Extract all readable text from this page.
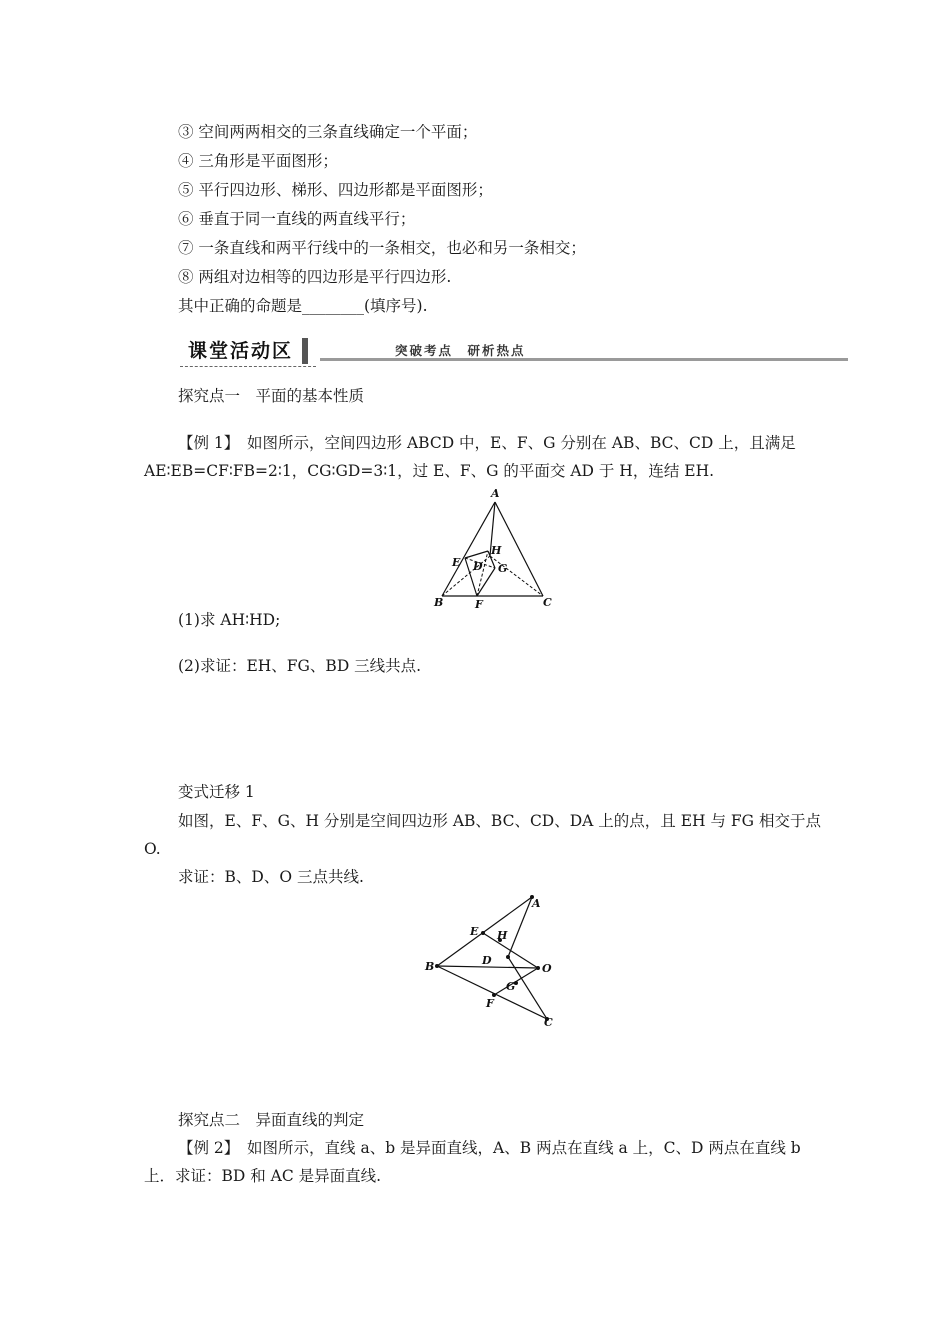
③ 空间两两相交的三条直线确定一个平面；
④ 三角形是平面图形；
⑤ 平行四边形、梯形、四边形都是平面图形；
⑥ 垂直于同一直线的两直线平行；
⑦ 一条直线和两平行线中的一条相交，也必和另一条相交；
⑧ 两组对边相等的四边形是平行四边形.
其中正确的命题是________(填序号).
课堂活动区	突破考点　研析热点
探究点一　平面的基本性质
【例 1】　如图所示，空间四边形 ABCD 中，E、F、G 分别在 AB、BC、CD 上，且满足
AE∶EB=CF∶FB=2∶1，CG∶GD=3∶1，过 E、F、G 的平面交 AD 于 H，连结 EH.
A
B	C
D
E
F
G
H
(1)求 AH∶HD;
(2)求证：EH、FG、BD 三线共点.
变式迁移 1
如图，E、F、G、H 分别是空间四边形 AB、BC、CD、DA 上的点，且 EH 与 FG 相交于点
O.
求证：B、D、O 三点共线.
A
B
C
D
E
F
G
H
O
探究点二　异面直线的判定
【例 2】　如图所示，直线 a、b 是异面直线，A、B 两点在直线 a 上，C、D 两点在直线 b
上．求证：BD 和 AC 是异面直线.
